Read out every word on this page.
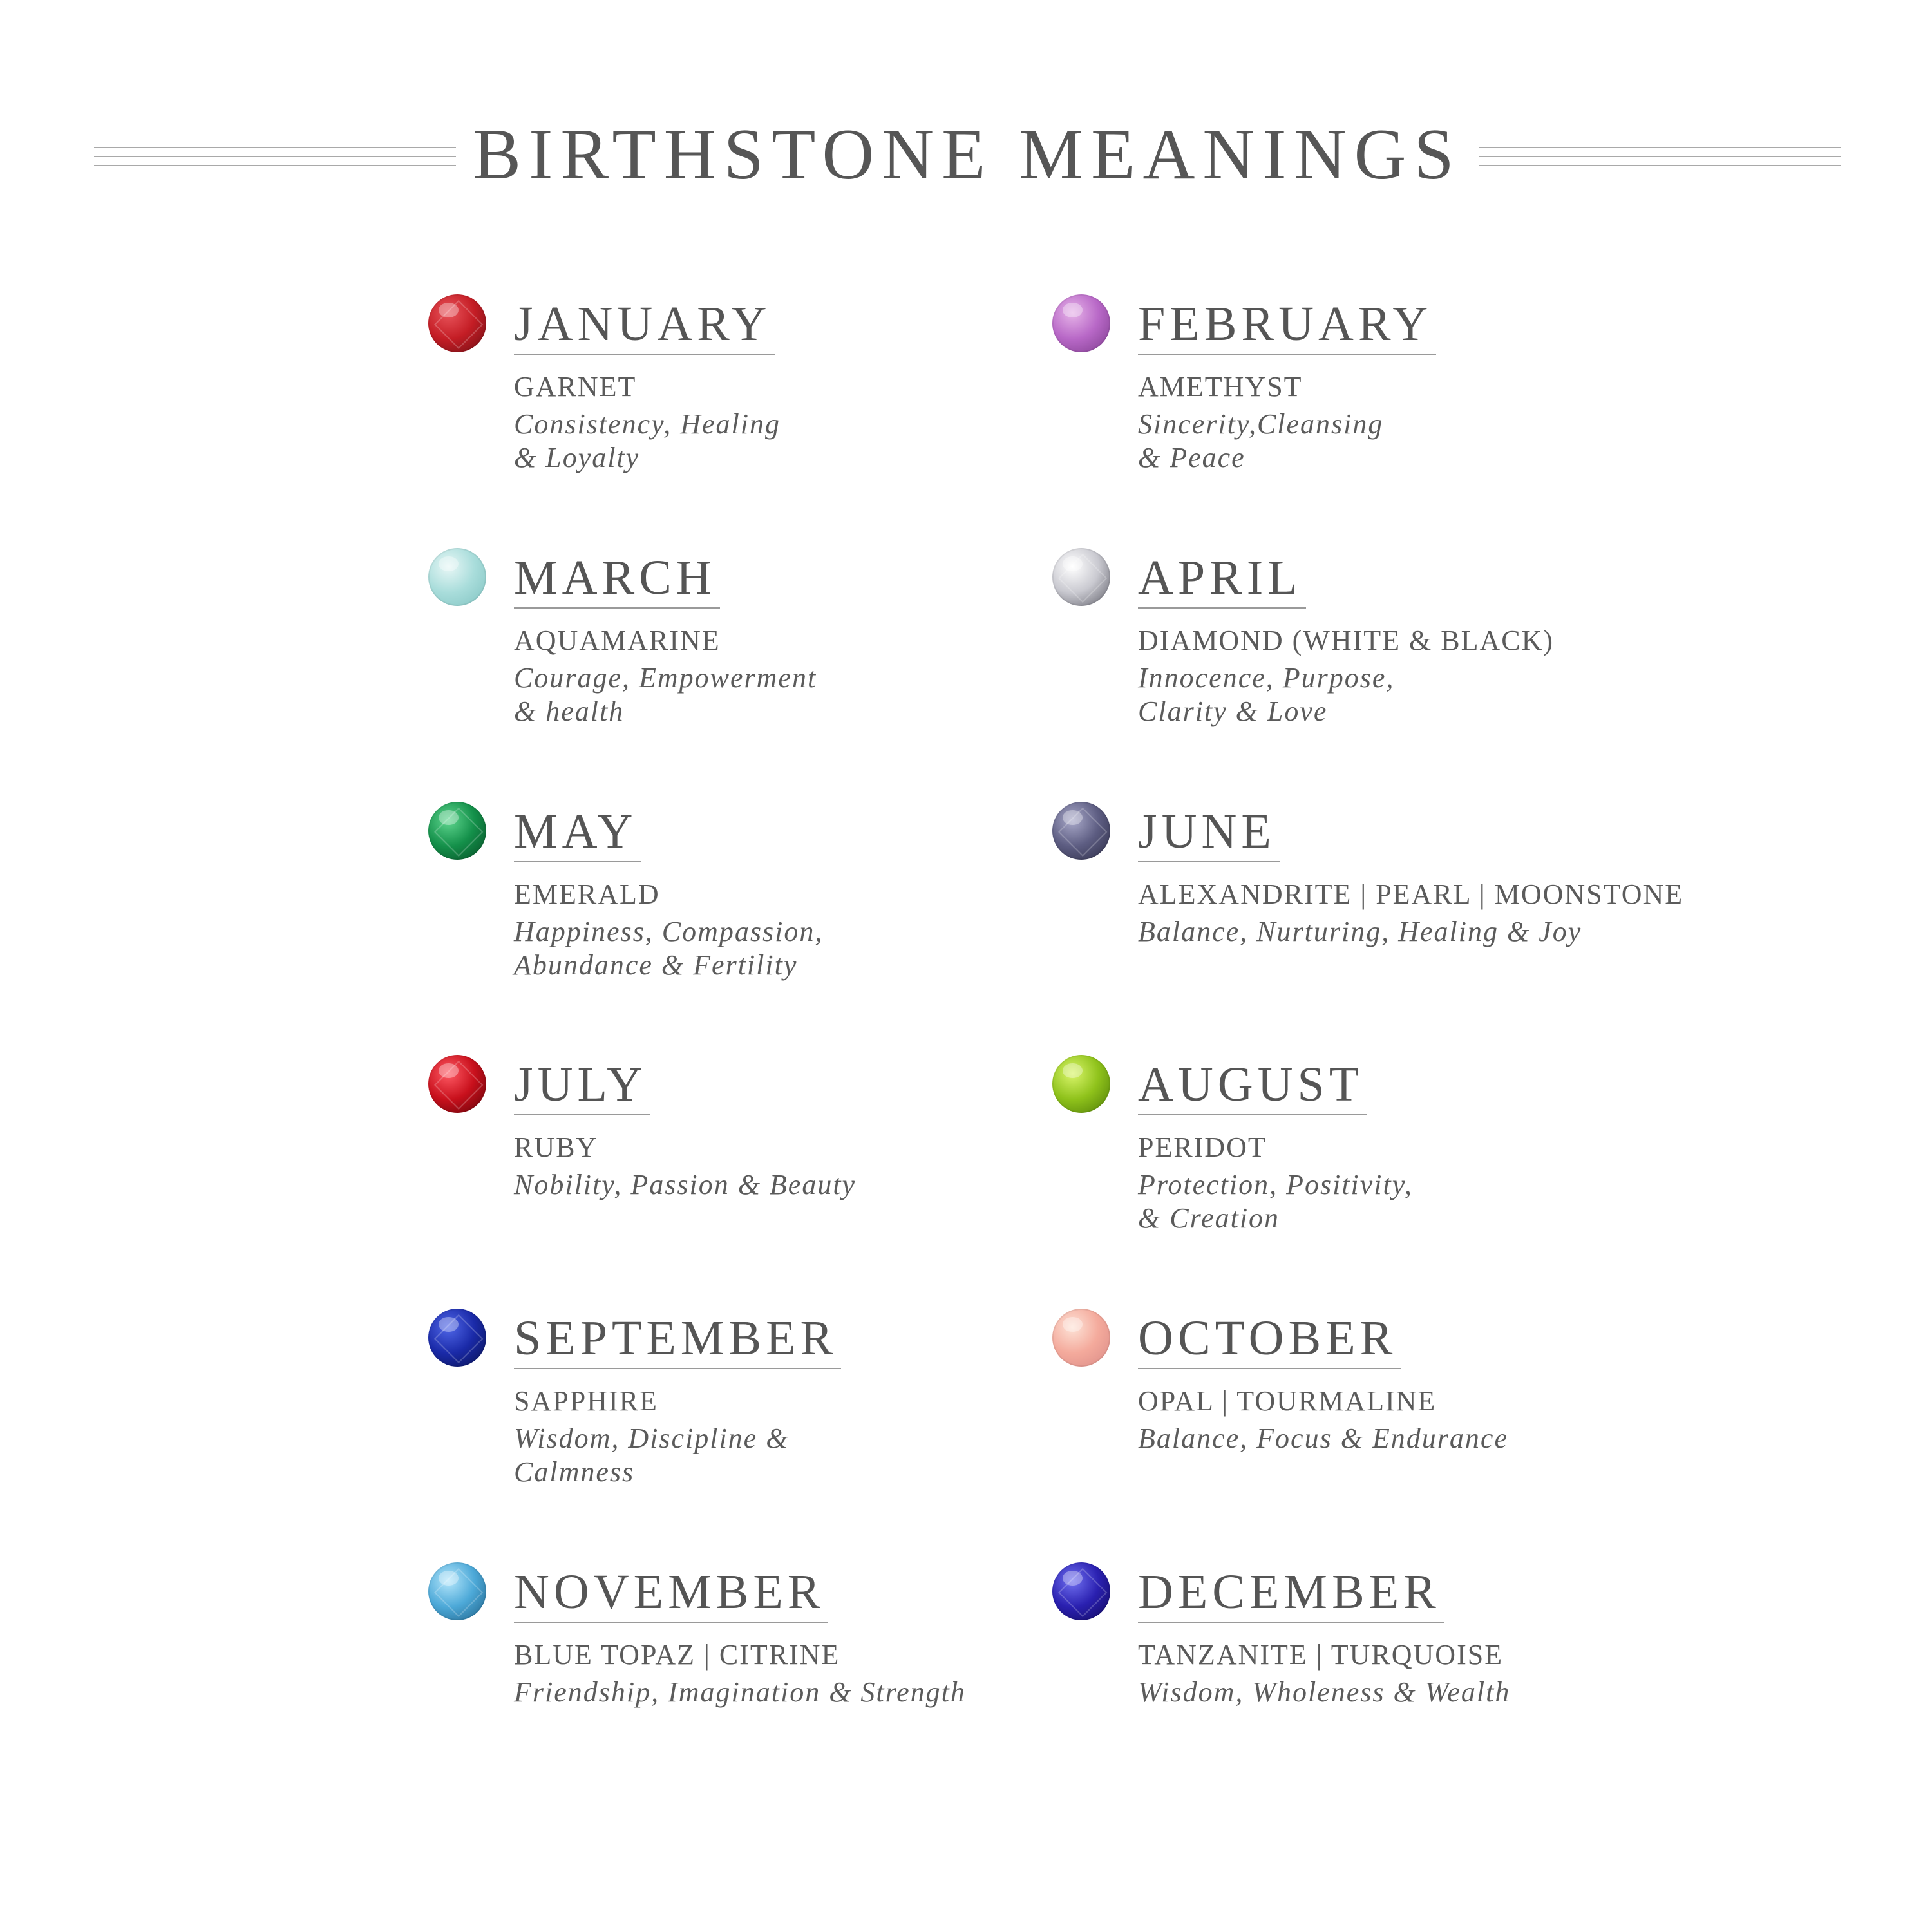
BIRTHSTONE MEANINGS
JANUARY
GARNET
Consistency, Healing
& Loyalty
FEBRUARY
AMETHYST
Sincerity,Cleansing
& Peace
MARCH
AQUAMARINE
Courage, Empowerment
& health
APRIL
DIAMOND (WHITE & BLACK)
Innocence, Purpose,
Clarity & Love
MAY
EMERALD
Happiness, Compassion,
Abundance & Fertility
JUNE
ALEXANDRITE | PEARL | MOONSTONE
Balance, Nurturing, Healing & Joy
JULY
RUBY
Nobility, Passion & Beauty
AUGUST
PERIDOT
Protection, Positivity,
& Creation
SEPTEMBER
SAPPHIRE
Wisdom, Discipline &
Calmness
OCTOBER
OPAL | TOURMALINE
Balance, Focus & Endurance
NOVEMBER
BLUE TOPAZ | CITRINE
Friendship, Imagination & Strength
DECEMBER
TANZANITE | TURQUOISE
Wisdom, Wholeness & Wealth
